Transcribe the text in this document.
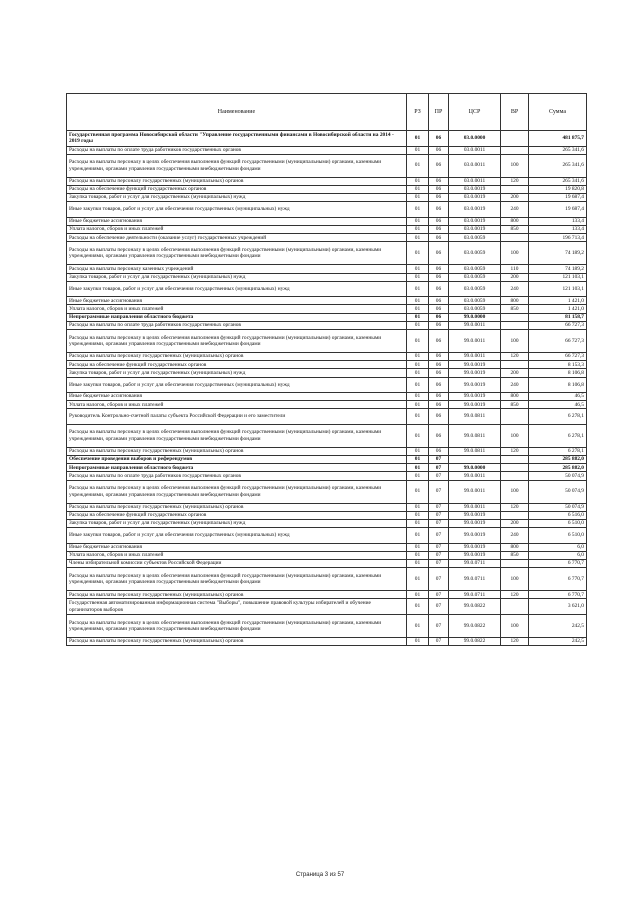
Наименование	РЗ	ПР	ЦСР	ВР	Сумма
Государственная программа Новосибирской области "Управление государственными финансами в Новосибирской области на 2014 - 2019 годы	01	06	03.0.0000		481 875,7
Расходы на выплаты по оплате труда работников государственных органов	01	06	03.0.0011		265 341,6
Расходы на выплаты персоналу в целях обеспечения выполнения функций государственными (муниципальными) органами, казенными учреждениями, органами управления государственными внебюджетными фондами	01	06	03.0.0011	100	265 341,6
Расходы на выплаты персоналу государственных (муниципальных) органов	01	06	03.0.0011	120	265 341,6
Расходы на обеспечение функций государственных органов	01	06	03.0.0019		19 820,8
Закупка товаров, работ и услуг для государственных (муниципальных) нужд	01	06	03.0.0019	200	19 687,4
Иные закупки товаров, работ и услуг для обеспечения государственных (муниципальных) нужд	01	06	03.0.0019	240	19 687,4
Иные бюджетные ассигнования	01	06	03.0.0019	800	133,4
Уплата налогов, сборов и иных платежей	01	06	03.0.0019	850	133,4
Расходы на обеспечение деятельности (оказание услуг) государственных учреждений	01	06	03.0.0059		196 713,4
Расходы на выплаты персоналу в целях обеспечения выполнения функций государственными (муниципальными) органами, казенными учреждениями, органами управления государственными внебюджетными фондами	01	06	03.0.0059	100	74 189,2
Расходы на выплаты персоналу казенных учреждений	01	06	03.0.0059	110	74 189,2
Закупка товаров, работ и услуг для государственных (муниципальных) нужд	01	06	03.0.0059	200	121 103,1
Иные закупки товаров, работ и услуг для обеспечения государственных (муниципальных) нужд	01	06	03.0.0059	240	121 103,1
Иные бюджетные ассигнования	01	06	03.0.0059	800	1 421,0
Уплата налогов, сборов и иных платежей	01	06	03.0.0059	850	1 421,0
Непрограммные направления областного бюджета	01	06	99.0.0000		81 158,7
Расходы на выплаты по оплате труда работников государственных органов	01	06	99.0.0011		66 727,3
Расходы на выплаты персоналу в целях обеспечения выполнения функций государственными (муниципальными) органами, казенными учреждениями, органами управления государственными внебюджетными фондами	01	06	99.0.0011	100	66 727,3
Расходы на выплаты персоналу государственных (муниципальных) органов	01	06	99.0.0011	120	66 727,3
Расходы на обеспечение функций государственных органов	01	06	99.0.0019		8 153,3
Закупка товаров, работ и услуг для государственных (муниципальных) нужд	01	06	99.0.0019	200	8 106,8
Иные закупки товаров, работ и услуг для обеспечения государственных (муниципальных) нужд	01	06	99.0.0019	240	8 106,8
Иные бюджетные ассигнования	01	06	99.0.0019	800	46,5
Уплата налогов, сборов и иных платежей	01	06	99.0.0019	850	46,5
Руководитель Контрольно-счетной палаты субъекта Российской Федерации и его заместители	01	06	99.0.0811		6 278,1
Расходы на выплаты персоналу в целях обеспечения выполнения функций государственными (муниципальными) органами, казенными учреждениями, органами управления государственными внебюджетными фондами	01	06	99.0.0811	100	6 278,1
Расходы на выплаты персоналу государственных (муниципальных) органов	01	06	99.0.0811	120	6 278,1
Обеспечение проведения выборов и референдумов	01	07			285 882,0
Непрограммные направления областного бюджета	01	07	99.0.0000		285 882,0
Расходы на выплаты по оплате труда работников государственных органов	01	07	99.0.0011		50 074,9
Расходы на выплаты персоналу в целях обеспечения выполнения функций государственными (муниципальными) органами, казенными учреждениями, органами управления государственными внебюджетными фондами	01	07	99.0.0011	100	50 074,9
Расходы на выплаты персоналу государственных (муниципальных) органов	01	07	99.0.0011	120	50 074,9
Расходы на обеспечение функций государственных органов	01	07	99.0.0019		6 516,0
Закупка товаров, работ и услуг для государственных (муниципальных) нужд	01	07	99.0.0019	200	6 510,0
Иные закупки товаров, работ и услуг для обеспечения государственных (муниципальных) нужд	01	07	99.0.0019	240	6 510,0
Иные бюджетные ассигнования	01	07	99.0.0019	800	6,0
Уплата налогов, сборов и иных платежей	01	07	99.0.0019	850	6,0
Члены избирательной комиссии субъектов Российской Федерации	01	07	99.0.0711		6 770,7
Расходы на выплаты персоналу в целях обеспечения выполнения функций государственными (муниципальными) органами, казенными учреждениями, органами управления государственными внебюджетными фондами	01	07	99.0.0711	100	6 770,7
Расходы на выплаты персоналу государственных (муниципальных) органов	01	07	99.0.0711	120	6 770,7
Государственная автоматизированная информационная система "Выборы", повышение правовой культуры избирателей и обучение организаторов выборов	01	07	99.0.0822		3 621,0
Расходы на выплаты персоналу в целях обеспечения выполнения функций государственными (муниципальными) органами, казенными учреждениями, органами управления государственными внебюджетными фондами	01	07	99.0.0822	100	242,5
Расходы на выплаты персоналу государственных (муниципальных) органов	01	07	99.0.0822	120	242,5
Страница 3 из 57
